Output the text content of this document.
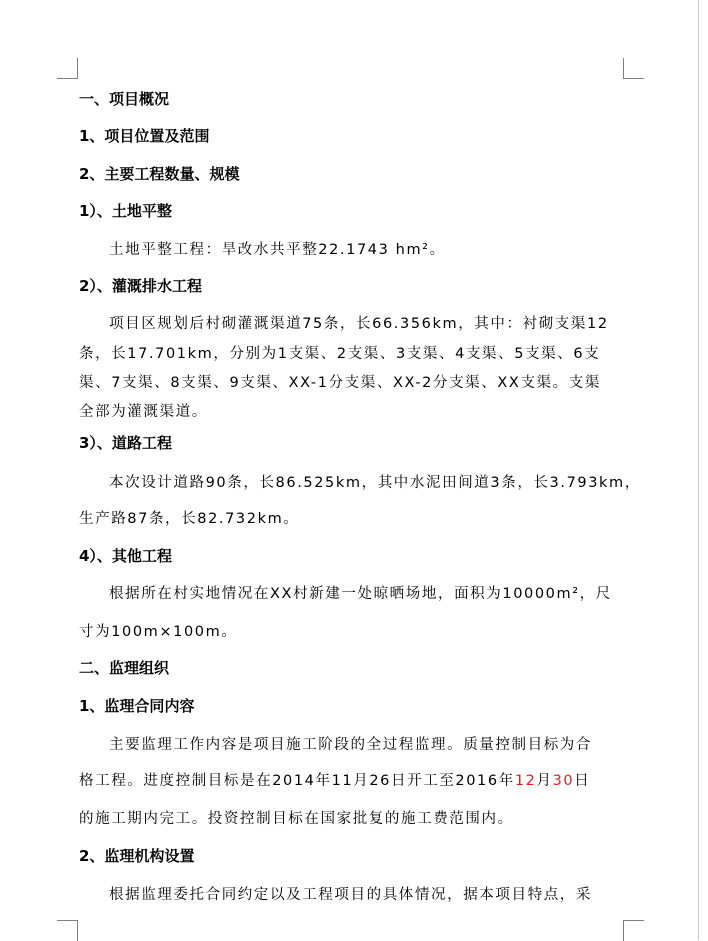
一、项目概况
1、项目位置及范围
2、主要工程数量、规模
1）、土地平整
土地平整工程：旱改水共平整22.1743 hm²。
2）、灌溉排水工程
项目区规划后村砌灌溉渠道75条，长66.356km，其中：衬砌支渠12
条，长17.701km，分别为1支渠、2支渠、3支渠、4支渠、5支渠、6支
渠、7支渠、8支渠、9支渠、XX-1分支渠、XX-2分支渠、XX支渠。支渠
全部为灌溉渠道。
3）、道路工程
本次设计道路90条，长86.525km，其中水泥田间道3条，长3.793km，
生产路87条，长82.732km。
4）、其他工程
根据所在村实地情况在XX村新建一处晾晒场地，面积为10000m²，尺
寸为100m×100m。
二、监理组织
1、监理合同内容
主要监理工作内容是项目施工阶段的全过程监理。质量控制目标为合
格工程。进度控制目标是在2014年11月26日开工至2016年12月30日
的施工期内完工。投资控制目标在国家批复的施工费范围内。
2、监理机构设置
根据监理委托合同约定以及工程项目的具体情况，据本项目特点，采
